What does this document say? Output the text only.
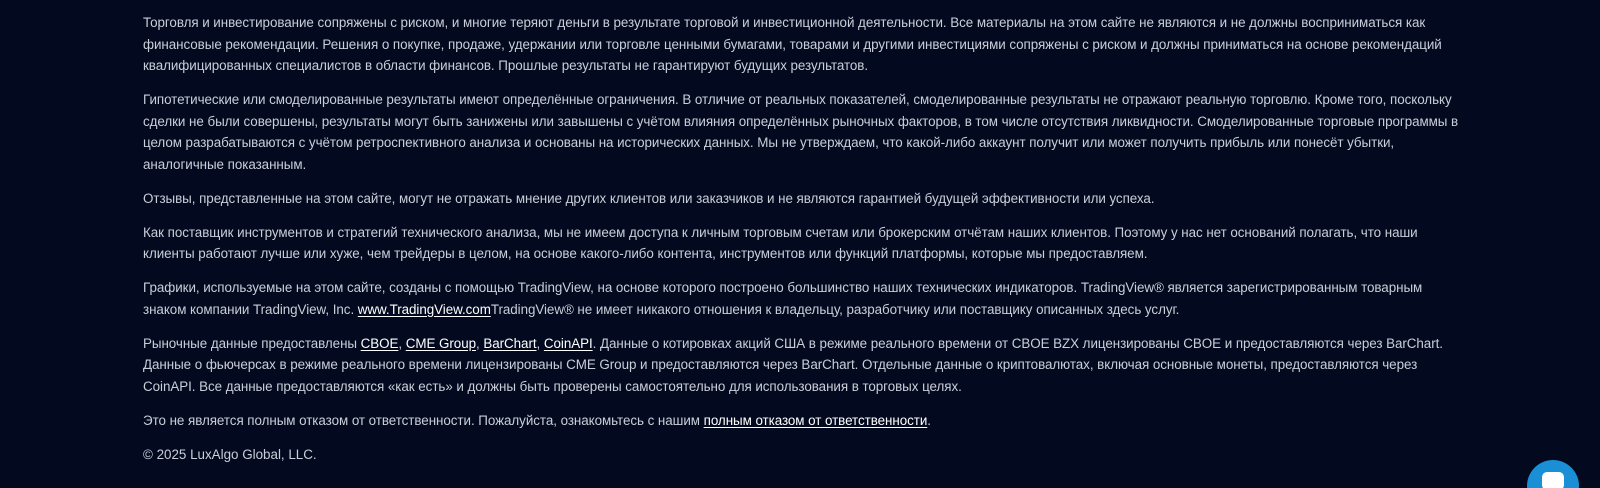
Торговля и инвестирование сопряжены с риском, и многие теряют деньги в результате торговой и инвестиционной деятельности. Все материалы на этом сайте не являются и не должны восприниматься как финансовые рекомендации. Решения о покупке, продаже, удержании или торговле ценными бумагами, товарами и другими инвестициями сопряжены с риском и должны приниматься на основе рекомендаций квалифицированных специалистов в области финансов. Прошлые результаты не гарантируют будущих результатов.

Гипотетические или смоделированные результаты имеют определённые ограничения. В отличие от реальных показателей, смоделированные результаты не отражают реальную торговлю. Кроме того, поскольку сделки не были совершены, результаты могут быть занижены или завышены с учётом влияния определённых рыночных факторов, в том числе отсутствия ликвидности. Смоделированные торговые программы в целом разрабатываются с учётом ретроспективного анализа и основаны на исторических данных. Мы не утверждаем, что какой-либо аккаунт получит или может получить прибыль или понесёт убытки, аналогичные показанным.

Отзывы, представленные на этом сайте, могут не отражать мнение других клиентов или заказчиков и не являются гарантией будущей эффективности или успеха.

Как поставщик инструментов и стратегий технического анализа, мы не имеем доступа к личным торговым счетам или брокерским отчётам наших клиентов. Поэтому у нас нет оснований полагать, что наши клиенты работают лучше или хуже, чем трейдеры в целом, на основе какого-либо контента, инструментов или функций платформы, которые мы предоставляем.

Графики, используемые на этом сайте, созданы с помощью TradingView, на основе которого построено большинство наших технических индикаторов. TradingView® является зарегистрированным товарным знаком компании TradingView, Inc. www.TradingView.comTradingView® не имеет никакого отношения к владельцу, разработчику или поставщику описанных здесь услуг.

Рыночные данные предоставлены CBOE, CME Group, BarChart, CoinAPI. Данные о котировках акций США в режиме реального времени от CBOE BZX лицензированы CBOE и предоставляются через BarChart. Данные о фьючерсах в режиме реального времени лицензированы CME Group и предоставляются через BarChart. Отдельные данные о криптовалютах, включая основные монеты, предоставляются через CoinAPI. Все данные предоставляются «как есть» и должны быть проверены самостоятельно для использования в торговых целях.

Это не является полным отказом от ответственности. Пожалуйста, ознакомьтесь с нашим полным отказом от ответственности.

© 2025 LuxAlgo Global, LLC.
